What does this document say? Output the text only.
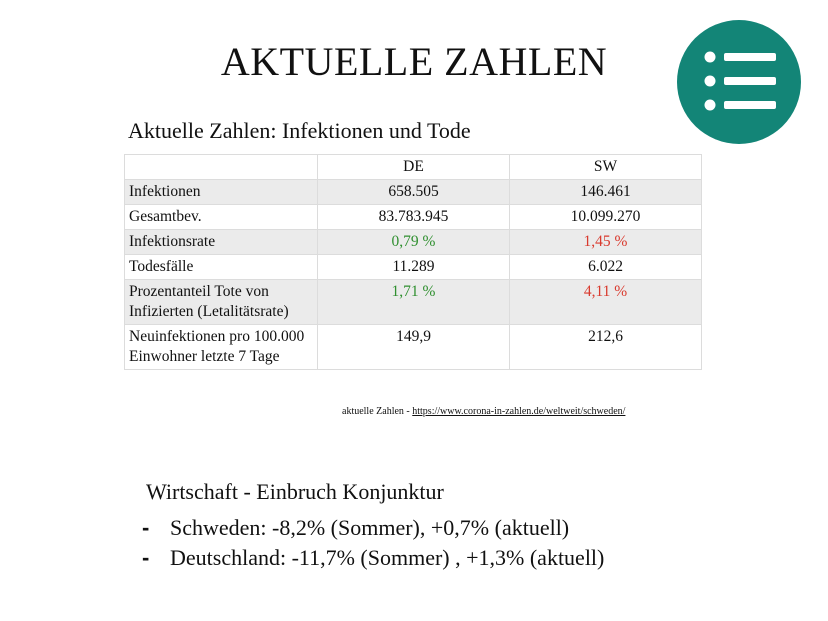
AKTUELLE ZAHLEN
Aktuelle Zahlen: Infektionen und Tode
	DE	SW
Infektionen	658.505	146.461
Gesamtbev.	83.783.945	10.099.270
Infektionsrate	0,79 %	1,45 %
Todesfälle	11.289	6.022
Prozentanteil Tote von Infizierten (Letalitätsrate)	1,71 %	4,11 %
Neuinfektionen pro 100.000 Einwohner letzte 7 Tage	149,9	212,6
aktuelle Zahlen - https://www.corona-in-zahlen.de/weltweit/schweden/
Wirtschaft - Einbruch Konjunktur
- Schweden: -8,2% (Sommer), +0,7% (aktuell)
- Deutschland: -11,7% (Sommer) , +1,3% (aktuell)
